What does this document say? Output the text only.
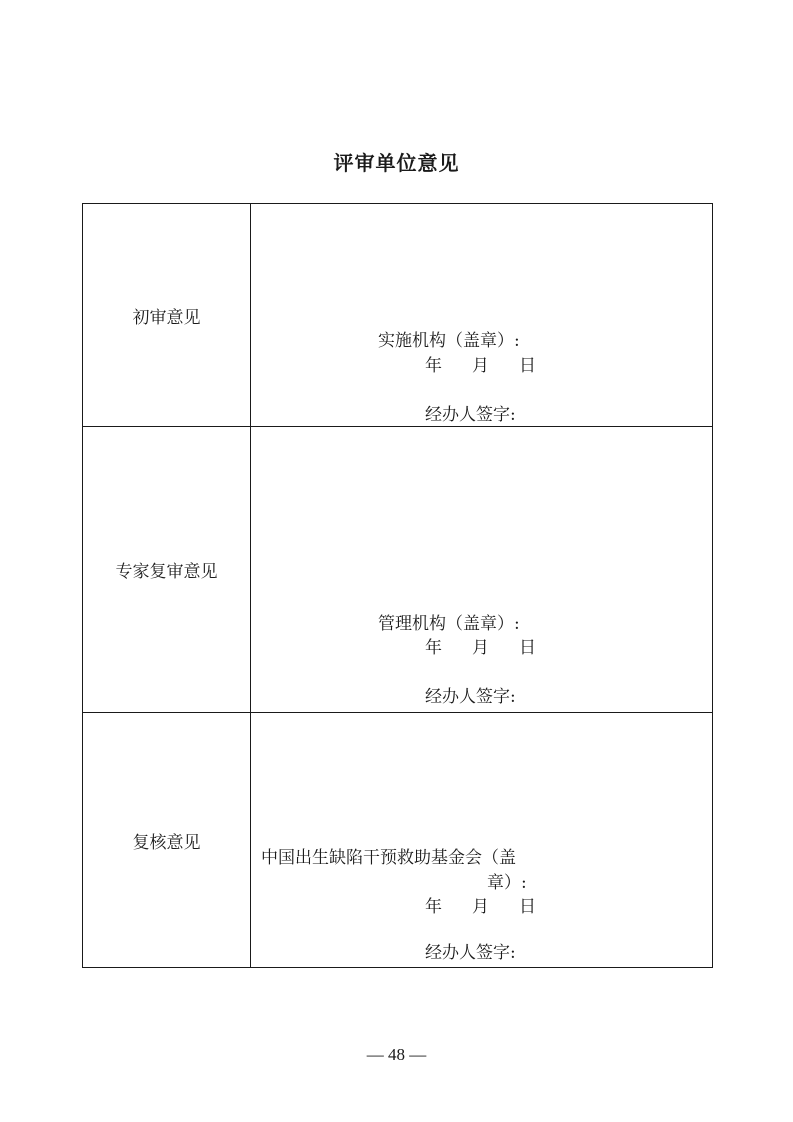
评审单位意见
初审意见	实施机构（盖章）:
年 月 日
经办人签字:

专家复审意见	管理机构（盖章）:
年 月 日
经办人签字:

复核意见	中国出生缺陷干预救助基金会（盖
章）:
年 月 日
经办人签字:
— 48 —
